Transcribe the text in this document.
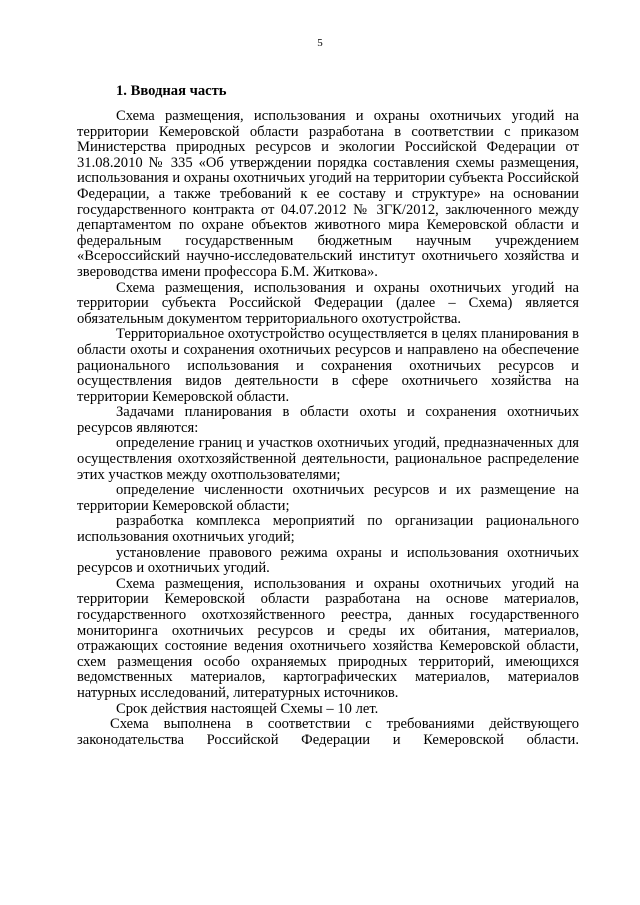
5
1. Вводная часть

Схема размещения, использования и охраны охотничьих угодий на территории Кемеровской области разработана в соответствии с приказом Министерства природных ресурсов и экологии Российской Федерации от 31.08.2010 № 335 «Об утверждении порядка составления схемы размещения, использования и охраны охотничьих угодий на территории субъекта Российской Федерации, а также требований к ее составу и структуре» на основании государственного контракта от 04.07.2012 № 3ГК/2012, заключенного между департаментом по охране объектов животного мира Кемеровской области и федеральным государственным бюджетным научным учреждением «Всероссийский научно-исследовательский институт охотничьего хозяйства и звероводства имени профессора Б.М. Житкова».

Схема размещения, использования и охраны охотничьих угодий на территории субъекта Российской Федерации (далее – Схема) является обязательным документом территориального охотустройства.

Территориальное охотустройство осуществляется в целях планирования в области охоты и сохранения охотничьих ресурсов и направлено на обеспечение рационального использования и сохранения охотничьих ресурсов и осуществления видов деятельности в сфере охотничьего хозяйства на территории Кемеровской области.

Задачами планирования в области охоты и сохранения охотничьих ресурсов являются:

определение границ и участков охотничьих угодий, предназначенных для осуществления охотхозяйственной деятельности, рациональное распределение этих участков между охотпользователями;

определение численности охотничьих ресурсов и их размещение на территории Кемеровской области;

разработка комплекса мероприятий по организации рационального использования охотничьих угодий;

установление правового режима охраны и использования охотничьих ресурсов и охотничьих угодий.

Схема размещения, использования и охраны охотничьих угодий на территории Кемеровской области разработана на основе материалов, государственного охотхозяйственного реестра, данных государственного мониторинга охотничьих ресурсов и среды их обитания, материалов, отражающих состояние ведения охотничьего хозяйства Кемеровской области, схем размещения особо охраняемых природных территорий, имеющихся ведомственных материалов, картографических материалов, материалов натурных исследований, литературных источников.

Срок действия настоящей Схемы – 10 лет.

Схема выполнена в соответствии с требованиями действующего законодательства Российской Федерации и Кемеровской области.
